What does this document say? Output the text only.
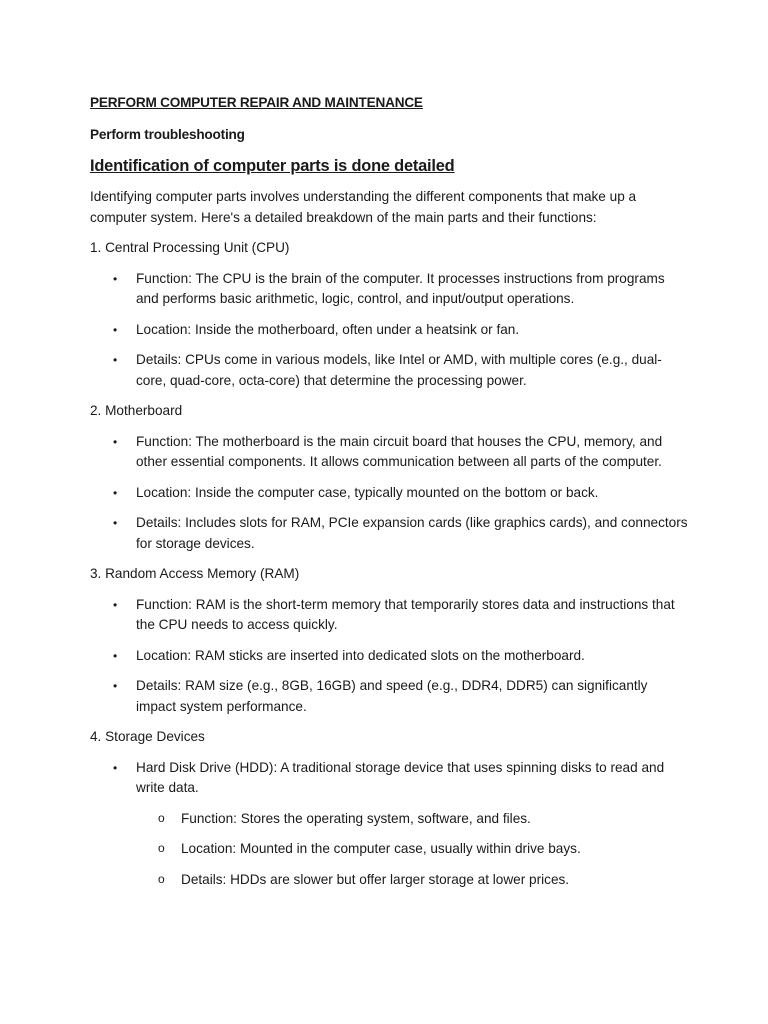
PERFORM COMPUTER REPAIR AND MAINTENANCE

Perform troubleshooting

Identification of computer parts is done detailed

Identifying computer parts involves understanding the different components that make up a computer system. Here's a detailed breakdown of the main parts and their functions:

1. Central Processing Unit (CPU)

• Function: The CPU is the brain of the computer. It processes instructions from programs and performs basic arithmetic, logic, control, and input/output operations.
• Location: Inside the motherboard, often under a heatsink or fan.
• Details: CPUs come in various models, like Intel or AMD, with multiple cores (e.g., dual-core, quad-core, octa-core) that determine the processing power.

2. Motherboard

• Function: The motherboard is the main circuit board that houses the CPU, memory, and other essential components. It allows communication between all parts of the computer.
• Location: Inside the computer case, typically mounted on the bottom or back.
• Details: Includes slots for RAM, PCIe expansion cards (like graphics cards), and connectors for storage devices.

3. Random Access Memory (RAM)

• Function: RAM is the short-term memory that temporarily stores data and instructions that the CPU needs to access quickly.
• Location: RAM sticks are inserted into dedicated slots on the motherboard.
• Details: RAM size (e.g., 8GB, 16GB) and speed (e.g., DDR4, DDR5) can significantly impact system performance.

4. Storage Devices

• Hard Disk Drive (HDD): A traditional storage device that uses spinning disks to read and write data.
o Function: Stores the operating system, software, and files.
o Location: Mounted in the computer case, usually within drive bays.
o Details: HDDs are slower but offer larger storage at lower prices.
